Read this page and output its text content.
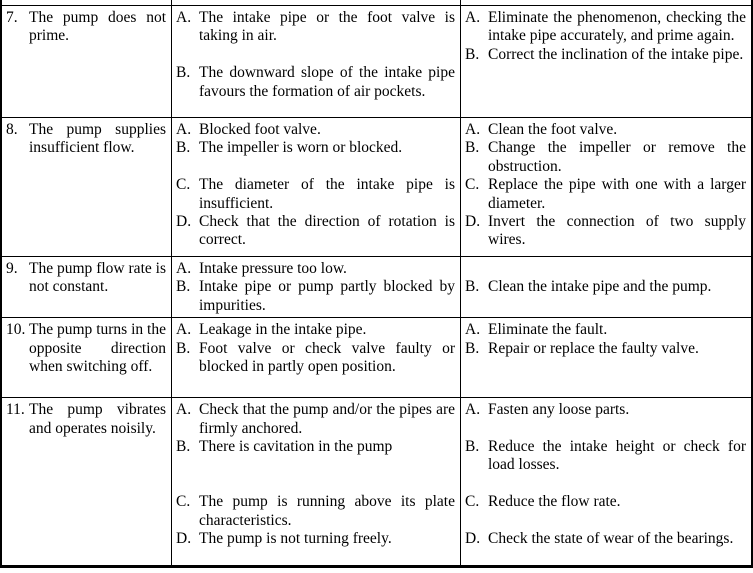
7. The pump does not prime.
A. The intake pipe or the foot valve is taking in air.
B. The downward slope of the intake pipe favours the formation of air pockets.
A. Eliminate the phenomenon, checking the intake pipe accurately, and prime again.
B. Correct the inclination of the intake pipe.
8. The pump supplies insufficient flow.
A. Blocked foot valve.
B. The impeller is worn or blocked.
C. The diameter of the intake pipe is insufficient.
D. Check that the direction of rotation is correct.
A. Clean the foot valve.
B. Change the impeller or remove the obstruction.
C. Replace the pipe with one with a larger diameter.
D. Invert the connection of two supply wires.
9. The pump flow rate is not constant.
A. Intake pressure too low.
B. Intake pipe or pump partly blocked by impurities.
B. Clean the intake pipe and the pump.
10. The pump turns in the opposite direction when switching off.
A. Leakage in the intake pipe.
B. Foot valve or check valve faulty or blocked in partly open position.
A. Eliminate the fault.
B. Repair or replace the faulty valve.
11. The pump vibrates and operates noisily.
A. Check that the pump and/or the pipes are firmly anchored.
B. There is cavitation in the pump
C. The pump is running above its plate characteristics.
D. The pump is not turning freely.
A. Fasten any loose parts.
B. Reduce the intake height or check for load losses.
C. Reduce the flow rate.
D. Check the state of wear of the bearings.
